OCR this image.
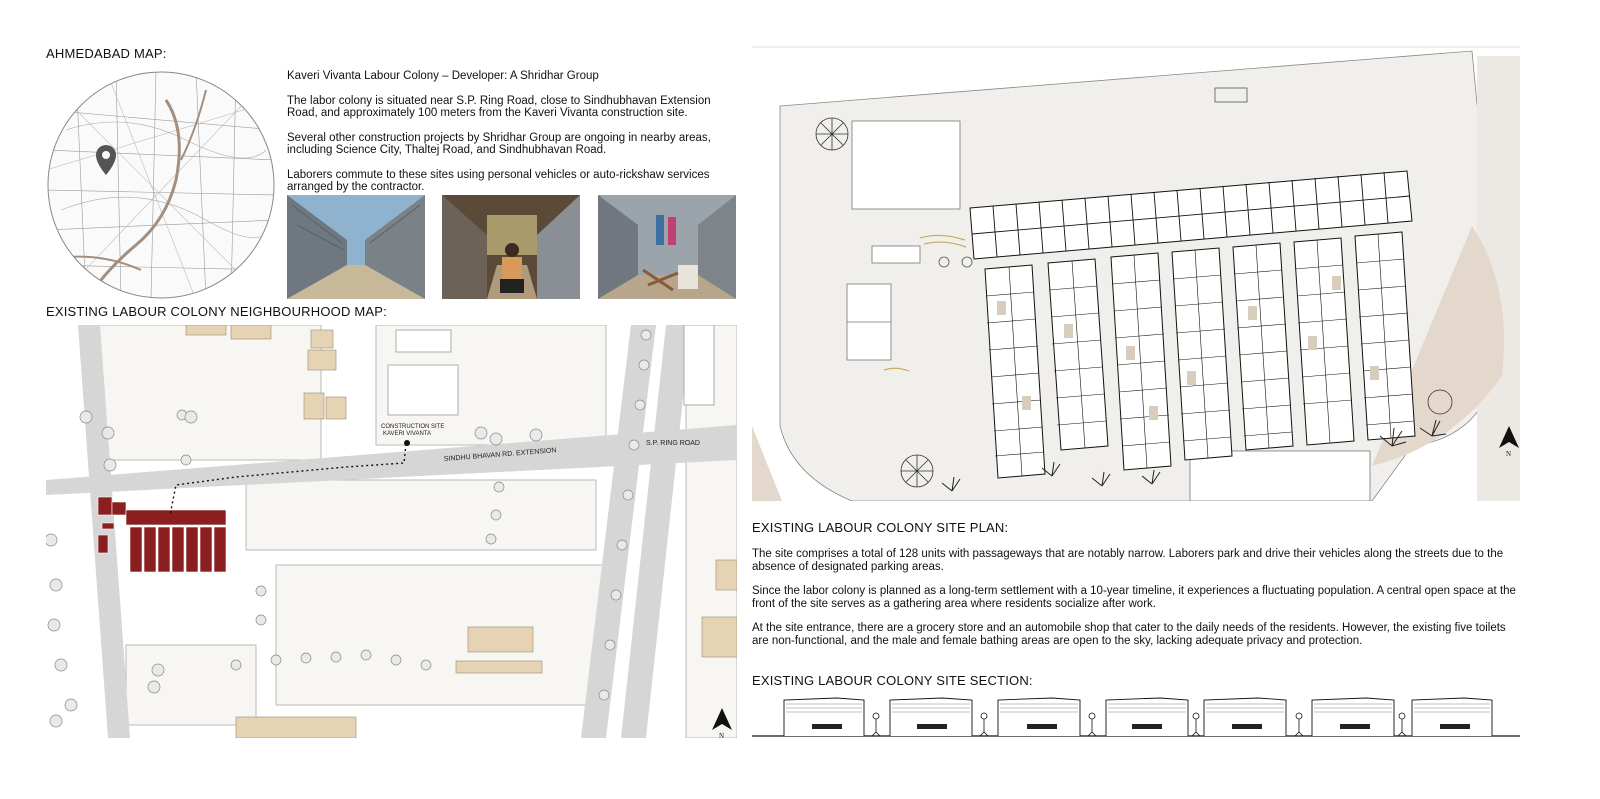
AHMEDABAD MAP:
Kaveri Vivanta Labour Colony – Developer: A Shridhar Group
The labor colony is situated near S.P. Ring Road, close to Sindhubhavan Extension Road, and approximately 100 meters from the Kaveri Vivanta construction site.
Several other construction projects by Shridhar Group are ongoing in nearby areas, including Science City, Thaltej Road, and Sindhubhavan Road.
Laborers commute to these sites using personal vehicles or auto-rickshaw services arranged by the contractor.
EXISTING LABOUR COLONY NEIGHBOURHOOD MAP:
CONSTRUCTION SITE
KAVERI VIVANTA
SINDHU BHAVAN RD. EXTENSION
S.P. RING ROAD
N
N
EXISTING LABOUR COLONY SITE PLAN:
The site comprises a total of 128 units with passageways that are notably narrow. Laborers park and drive their vehicles along the streets due to the absence of designated parking areas.
Since the labor colony is planned as a long-term settlement with a 10-year timeline, it experiences a fluctuating population. A central open space at the front of the site serves as a gathering area where residents socialize after work.
At the site entrance, there are a grocery store and an automobile shop that cater to the daily needs of the residents. However, the existing five toilets are non-functional, and the male and female bathing areas are open to the sky, lacking adequate privacy and protection.
EXISTING LABOUR COLONY SITE SECTION:
